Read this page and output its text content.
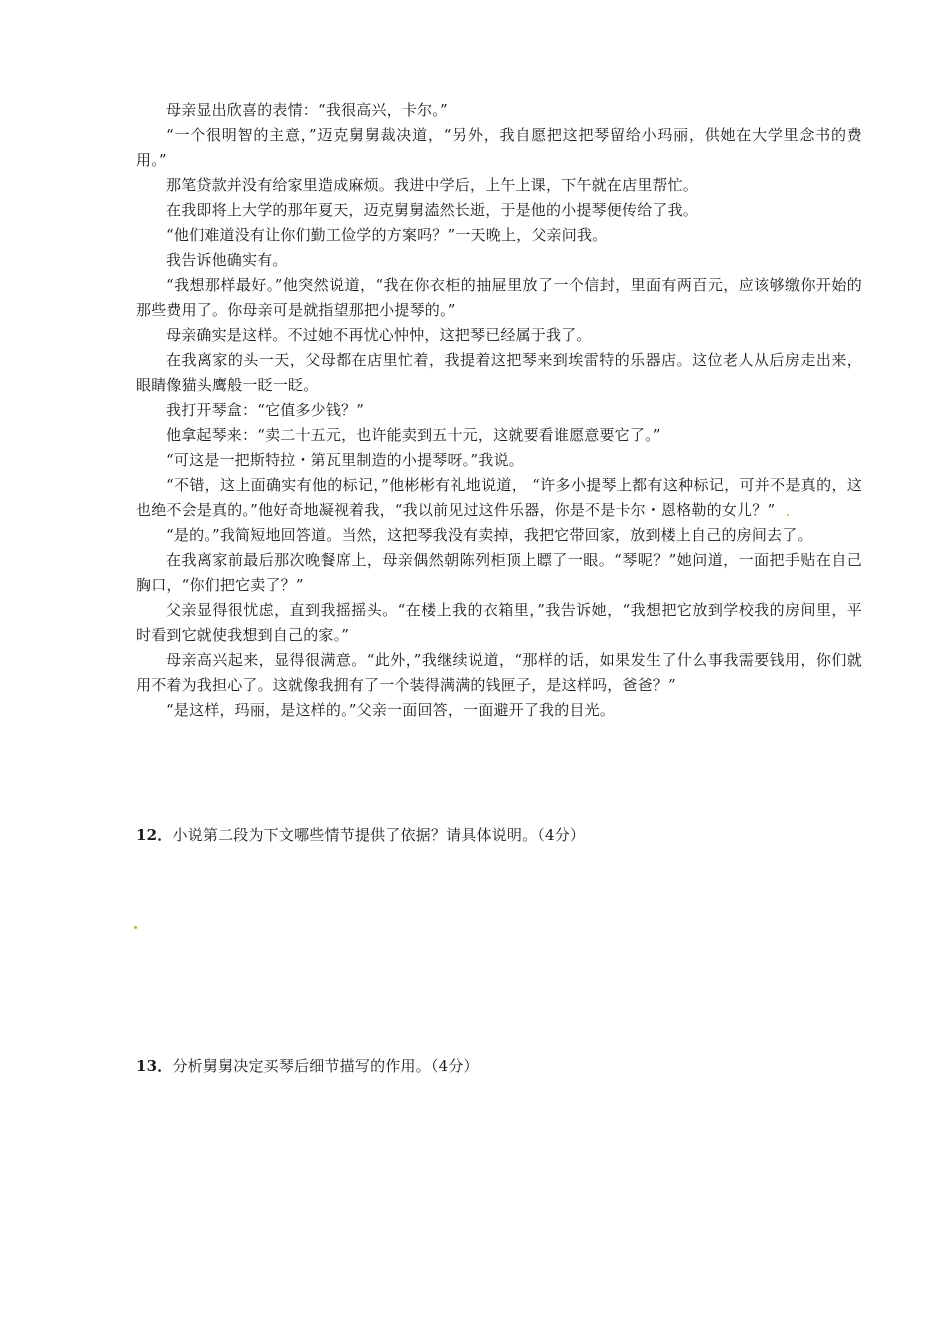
母亲显出欣喜的表情：“我很高兴，卡尔。”

“一个很明智的主意，”迈克舅舅裁决道，“另外，我自愿把这把琴留给小玛丽，供她在大学里念书的费用。”

那笔贷款并没有给家里造成麻烦。我进中学后，上午上课，下午就在店里帮忙。

在我即将上大学的那年夏天，迈克舅舅溘然长逝，于是他的小提琴便传给了我。

“他们难道没有让你们勤工俭学的方案吗？”一天晚上，父亲问我。

我告诉他确实有。

“我想那样最好。”他突然说道，“我在你衣柜的抽屉里放了一个信封，里面有两百元，应该够缴你开始的那些费用了。你母亲可是就指望那把小提琴的。”

母亲确实是这样。不过她不再忧心忡忡，这把琴已经属于我了。

在我离家的头一天，父母都在店里忙着，我提着这把琴来到埃雷特的乐器店。这位老人从后房走出来，眼睛像猫头鹰般一眨一眨。

我打开琴盒：“它值多少钱？”

他拿起琴来：“卖二十五元，也许能卖到五十元，这就要看谁愿意要它了。”

“可这是一把斯特拉・第瓦里制造的小提琴呀。”我说。

“不错，这上面确实有他的标记，”他彬彬有礼地说道， “许多小提琴上都有这种标记，可并不是真的，这也绝不会是真的。”他好奇地凝视着我，“我以前见过这件乐器，你是不是卡尔・恩格勒的女儿？”

“是的。”我简短地回答道。当然，这把琴我没有卖掉，我把它带回家，放到楼上自己的房间去了。

在我离家前最后那次晚餐席上，母亲偶然朝陈列柜顶上瞟了一眼。“琴呢？”她问道，一面把手贴在自己胸口，“你们把它卖了？”

父亲显得很忧虑，直到我摇摇头。“在楼上我的衣箱里，”我告诉她，“我想把它放到学校我的房间里，平时看到它就使我想到自己的家。”

母亲高兴起来，显得很满意。“此外，”我继续说道，“那样的话，如果发生了什么事我需要钱用，你们就用不着为我担心了。这就像我拥有了一个装得满满的钱匣子，是这样吗，爸爸？”

“是这样，玛丽，是这样的。”父亲一面回答，一面避开了我的目光。

12．小说第二段为下文哪些情节提供了依据？请具体说明。（4分）

13．分析舅舅决定买琴后细节描写的作用。（4分）
